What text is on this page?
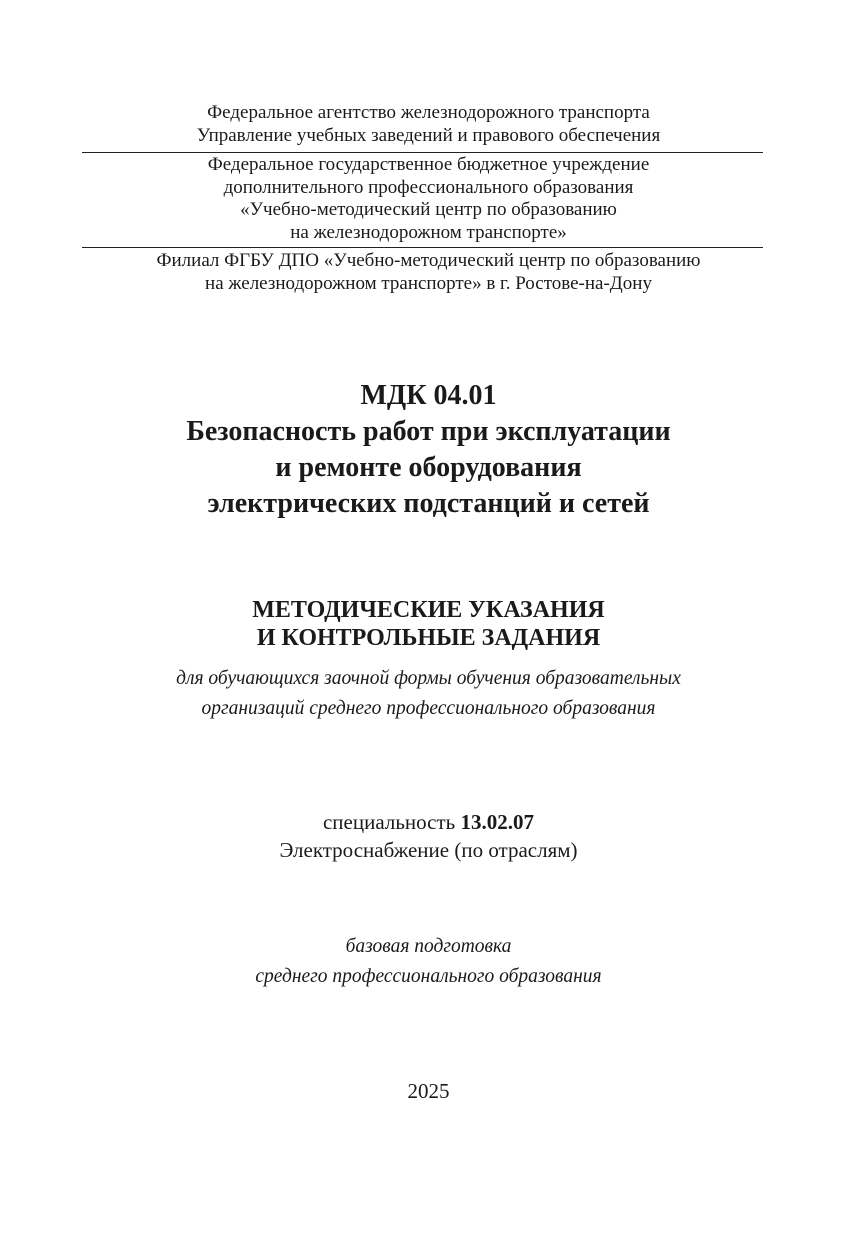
Федеральное агентство железнодорожного транспорта
Управление учебных заведений и правового обеспечения
Федеральное государственное бюджетное учреждение
дополнительного профессионального образования
«Учебно-методический центр по образованию
на железнодорожном транспорте»
Филиал ФГБУ ДПО «Учебно-методический центр по образованию
на железнодорожном транспорте» в г. Ростове-на-Дону
МДК 04.01
Безопасность работ при эксплуатации
и ремонте оборудования
электрических подстанций и сетей
МЕТОДИЧЕСКИЕ УКАЗАНИЯ
И КОНТРОЛЬНЫЕ ЗАДАНИЯ
для обучающихся заочной формы обучения образовательных
организаций среднего профессионального образования
специальность 13.02.07
Электроснабжение (по отраслям)
базовая подготовка
среднего профессионального образования
2025
